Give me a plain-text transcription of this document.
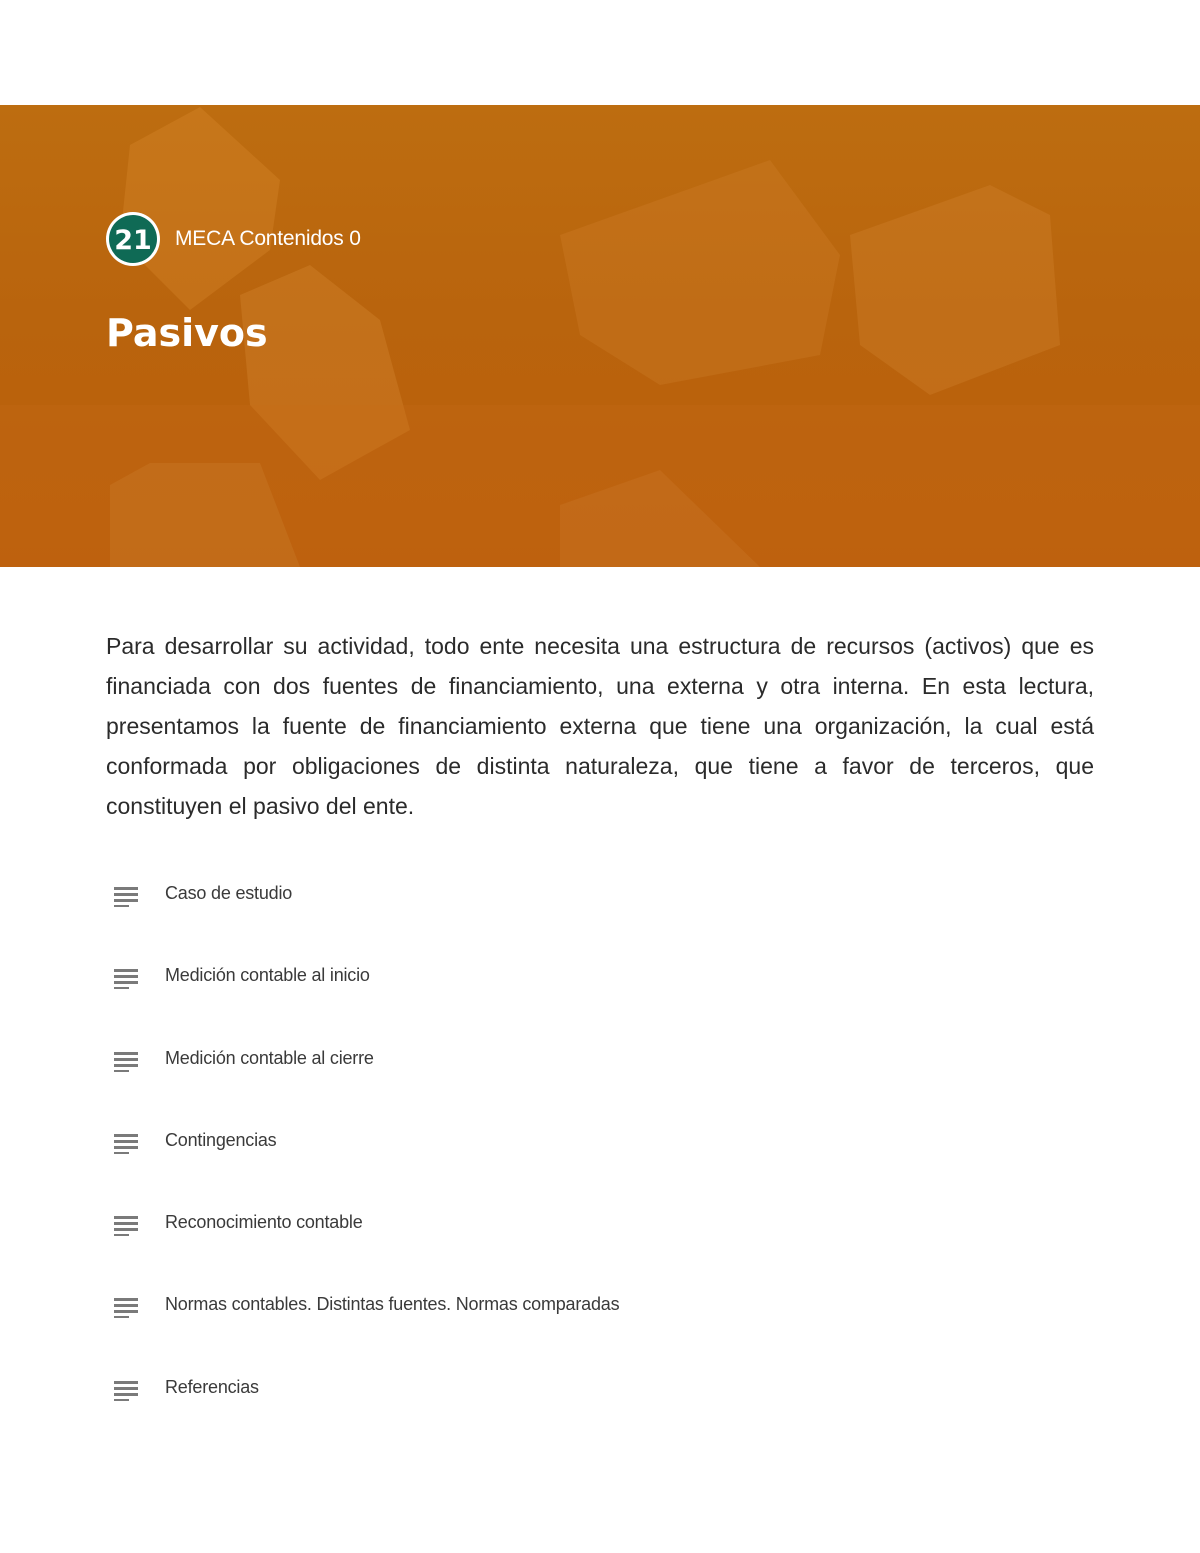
21 MECA Contenidos 0
Pasivos

Para desarrollar su actividad, todo ente necesita una estructura de recursos (activos) que es financiada con dos fuentes de financiamiento, una externa y otra interna. En esta lectura, presentamos la fuente de financiamiento externa que tiene una organización, la cual está conformada por obligaciones de distinta naturaleza, que tiene a favor de terceros, que constituyen el pasivo del ente.

Caso de estudio
Medición contable al inicio
Medición contable al cierre
Contingencias
Reconocimiento contable
Normas contables. Distintas fuentes. Normas comparadas
Referencias
